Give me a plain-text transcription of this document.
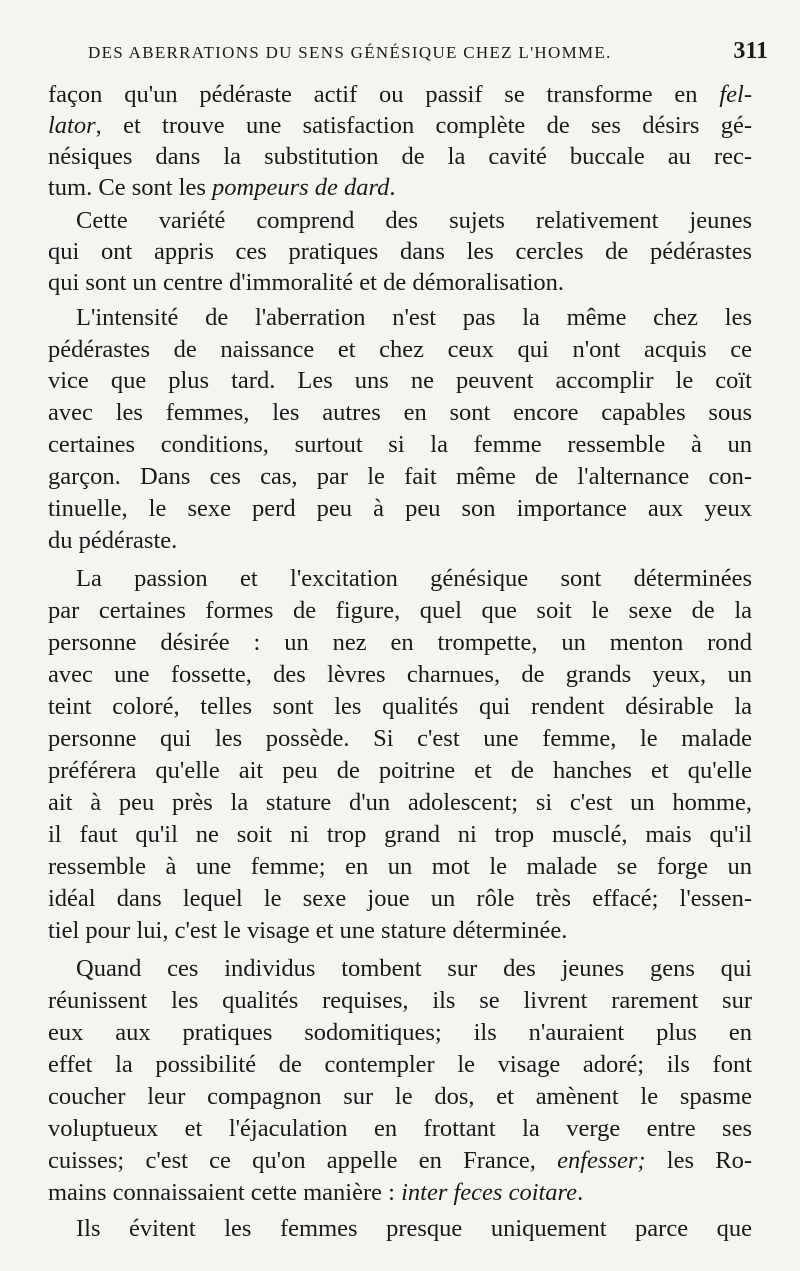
DES ABERRATIONS DU SENS GÉNÉSIQUE CHEZ L'HOMME.	311
façon qu'un pédéraste actif ou passif se transforme en fel-
lator, et trouve une satisfaction complète de ses désirs gé-
nésiques dans la substitution de la cavité buccale au rec-
tum. Ce sont les pompeurs de dard.
Cette variété comprend des sujets relativement jeunes
qui ont appris ces pratiques dans les cercles de pédérastes
qui sont un centre d'immoralité et de démoralisation.
L'intensité de l'aberration n'est pas la même chez les
pédérastes de naissance et chez ceux qui n'ont acquis ce
vice que plus tard. Les uns ne peuvent accomplir le coït
avec les femmes, les autres en sont encore capables sous
certaines conditions, surtout si la femme ressemble à un
garçon. Dans ces cas, par le fait même de l'alternance con-
tinuelle, le sexe perd peu à peu son importance aux yeux
du pédéraste.
La passion et l'excitation génésique sont déterminées
par certaines formes de figure, quel que soit le sexe de la
personne désirée : un nez en trompette, un menton rond
avec une fossette, des lèvres charnues, de grands yeux, un
teint coloré, telles sont les qualités qui rendent désirable la
personne qui les possède. Si c'est une femme, le malade
préférera qu'elle ait peu de poitrine et de hanches et qu'elle
ait à peu près la stature d'un adolescent; si c'est un homme,
il faut qu'il ne soit ni trop grand ni trop musclé, mais qu'il
ressemble à une femme; en un mot le malade se forge un
idéal dans lequel le sexe joue un rôle très effacé; l'essen-
tiel pour lui, c'est le visage et une stature déterminée.
Quand ces individus tombent sur des jeunes gens qui
réunissent les qualités requises, ils se livrent rarement sur
eux aux pratiques sodomitiques; ils n'auraient plus en
effet la possibilité de contempler le visage adoré; ils font
coucher leur compagnon sur le dos, et amènent le spasme
voluptueux et l'éjaculation en frottant la verge entre ses
cuisses; c'est ce qu'on appelle en France, enfesser; les Ro-
mains connaissaient cette manière : inter feces coitare.
Ils évitent les femmes presque uniquement parce que
